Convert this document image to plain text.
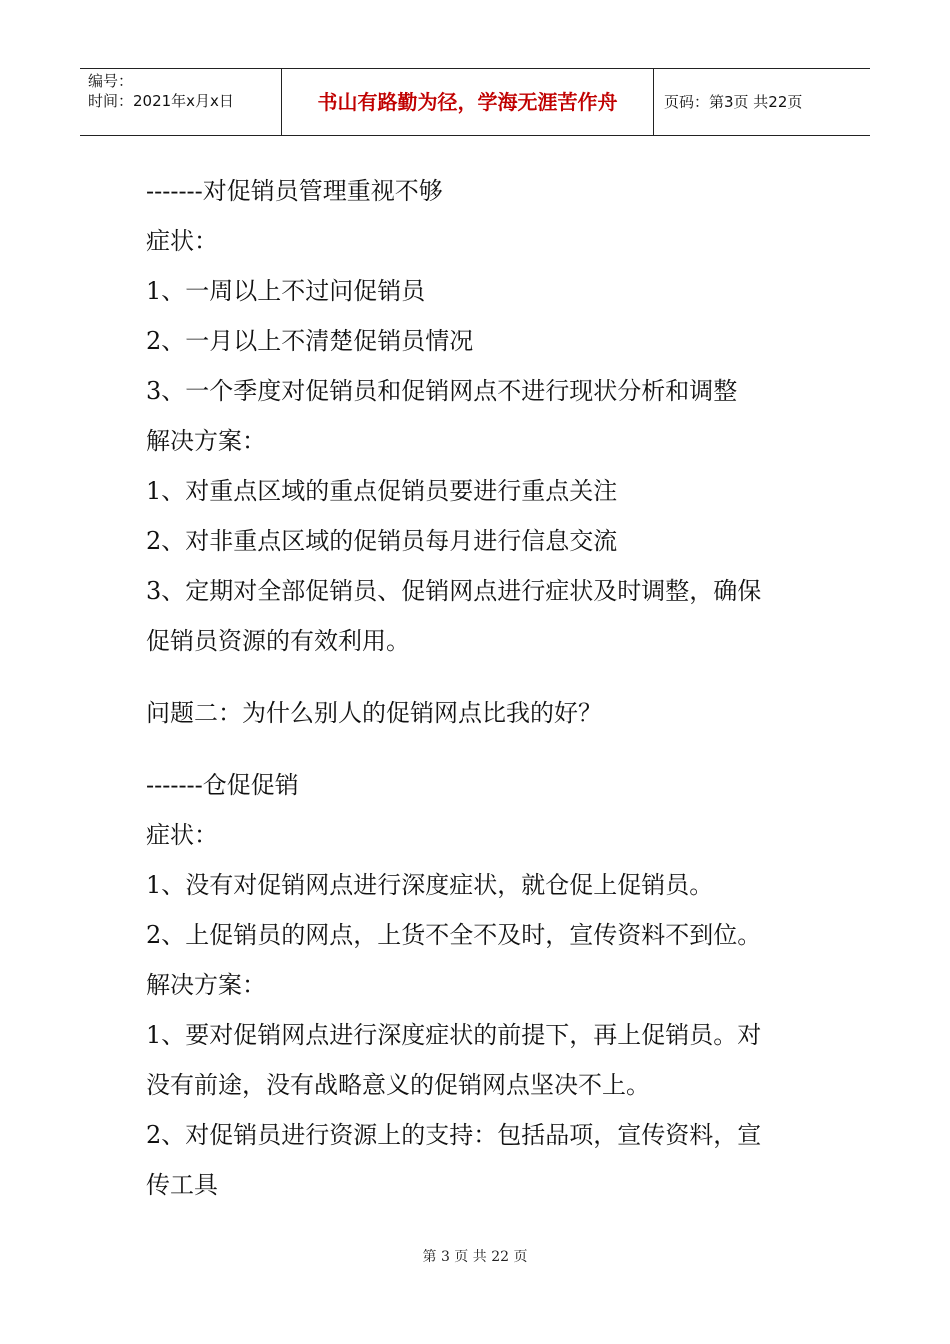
编号：
时间：2021年x月x日	书山有路勤为径，学海无涯苦作舟	页码：第3页 共22页
-------对促销员管理重视不够
症状：
1、一周以上不过问促销员
2、一月以上不清楚促销员情况
3、一个季度对促销员和促销网点不进行现状分析和调整
解决方案：
1、对重点区域的重点促销员要进行重点关注
2、对非重点区域的促销员每月进行信息交流
3、定期对全部促销员、促销网点进行症状及时调整，确保
促销员资源的有效利用。
问题二：为什么别人的促销网点比我的好？
-------仓促促销
症状：
1、没有对促销网点进行深度症状，就仓促上促销员。
2、上促销员的网点，上货不全不及时，宣传资料不到位。
解决方案：
1、要对促销网点进行深度症状的前提下，再上促销员。对
没有前途，没有战略意义的促销网点坚决不上。
2、对促销员进行资源上的支持：包括品项，宣传资料，宣
传工具
第 3 页 共 22 页
